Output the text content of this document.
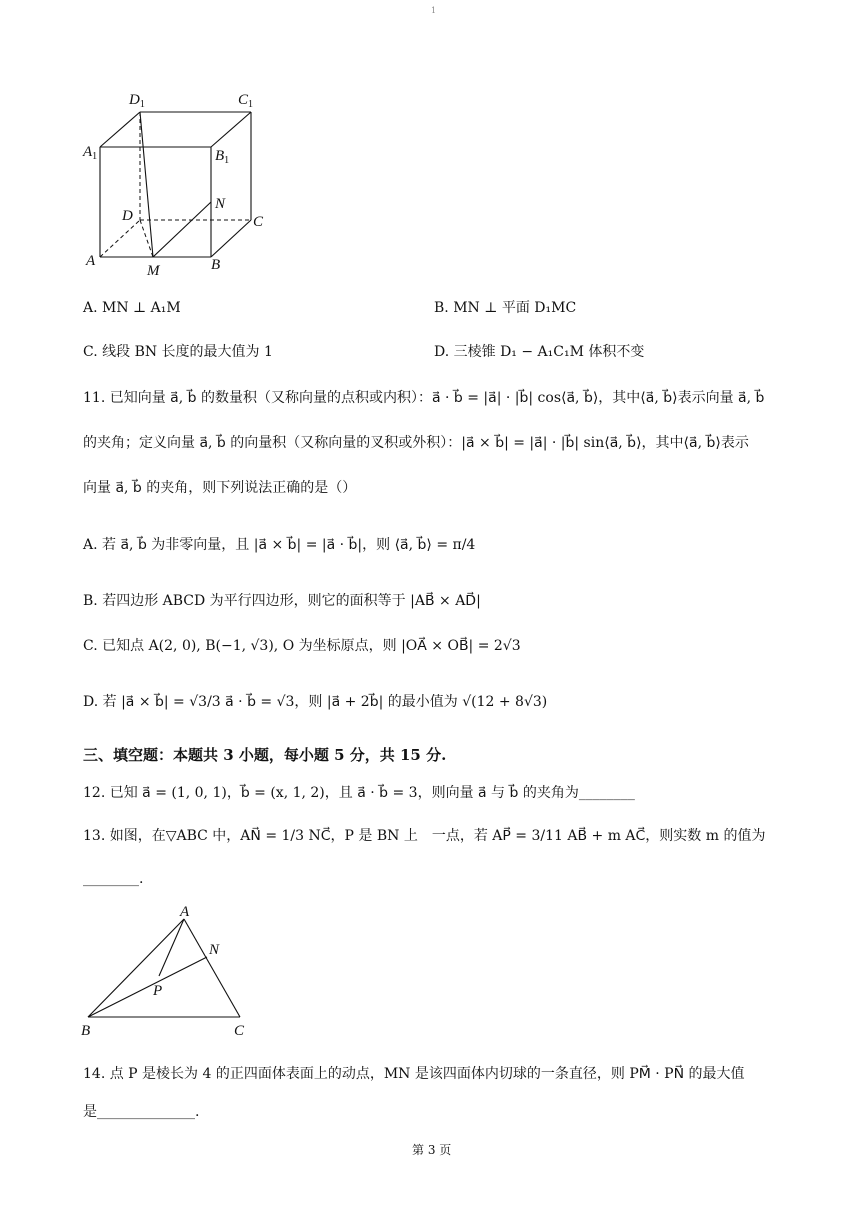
1
$D_1$	$C_1$
$A_1$	$B_1$
N
D	C
A
M	B
A. MN ⊥ A₁M	B. MN ⊥ 平面 D₁MC
C. 线段 BN 长度的最大值为 1	D. 三棱锥 D₁ − A₁C₁M 体积不变
11. 已知向量 a⃗, b⃗ 的数量积（又称向量的点积或内积）：a⃗ · b⃗ = |a⃗| · |b⃗| cos⟨a⃗, b⃗⟩，其中⟨a⃗, b⃗⟩表示向量 a⃗, b⃗
的夹角；定义向量 a⃗, b⃗ 的向量积（又称向量的叉积或外积）：|a⃗ × b⃗| = |a⃗| · |b⃗| sin⟨a⃗, b⃗⟩，其中⟨a⃗, b⃗⟩表示
向量 a⃗, b⃗ 的夹角，则下列说法正确的是（）
A. 若 a⃗, b⃗ 为非零向量，且 |a⃗ × b⃗| = |a⃗ · b⃗|，则 ⟨a⃗, b⃗⟩ = π/4
B. 若四边形 ABCD 为平行四边形，则它的面积等于 |AB⃗ × AD⃗|
C. 已知点 A(2, 0), B(−1, √3), O 为坐标原点，则 |OA⃗ × OB⃗| = 2√3
D. 若 |a⃗ × b⃗| = √3/3 a⃗ · b⃗ = √3，则 |a⃗ + 2b⃗| 的最小值为 √(12 + 8√3)
三、填空题：本题共 3 小题，每小题 5 分，共 15 分.
12. 已知 a⃗ = (1, 0, 1)，b⃗ = (x, 1, 2)，且 a⃗ · b⃗ = 3，则向量 a⃗ 与 b⃗ 的夹角为________
13. 如图，在▽ABC 中，AN⃗ = 1/3 NC⃗，P 是 BN 上　一点，若 AP⃗ = 3/11 AB⃗ + m AC⃗，则实数 m 的值为
________.
A
N
P
B	C
14. 点 P 是棱长为 4 的正四面体表面上的动点，MN 是该四面体内切球的一条直径，则 PM⃗ · PN⃗ 的最大值
是______________.
第 3 页
